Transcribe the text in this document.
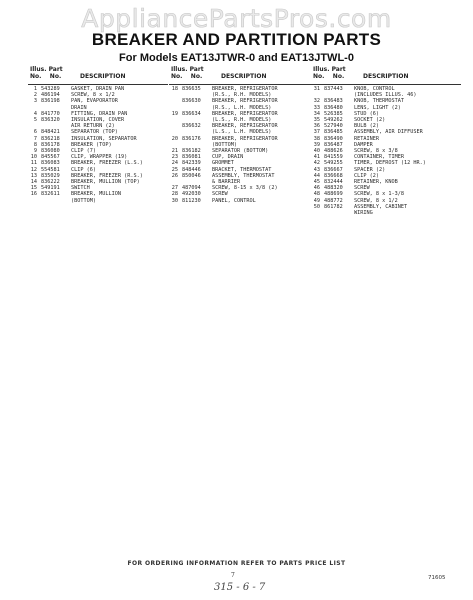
AppliancePartsPros.com
BREAKER AND PARTITION PARTS
For Models EAT13JTWR-0 and EAT13JTWL-0
Illus. Part
No. No.	DESCRIPTION
1 543289	GASKET, DRAIN PAN
2 486194	SCREW, 8 x 1/2
3 836198	PAN, EVAPORATOR
DRAIN
4 841770	FITTING, DRAIN PAN
5 836320	INSULATION, COVER
AIR RETURN (2)
6 848421	SEPARATOR (TOP)
7 836218	INSULATION, SEPARATOR
8 836178	BREAKER (TOP)
9 836080	CLIP (7)
10 845567	CLIP, WRAPPER (19)
11 836083	BREAKER, FREEZER (L.S.)
12 554581	CLIP (6)
13 835029	BREAKER, FREEZER (R.S.)
14 836222	BREAKER, MULLION (TOP)
15 549191	SWITCH
16 832611	BREAKER, MULLION
(BOTTOM)
Illus. Part
No. No.	DESCRIPTION
18 836635	BREAKER, REFRIGERATOR
(R.S., R.H. MODELS)
836630	BREAKER, REFRIGERATOR
(R.S., L.H. MODELS)
19 836634	BREAKER, REFRIGERATOR
(L.S., R.H. MODELS)
836632	BREAKER, REFRIGERATOR
(L.S., L.H. MODELS)
20 836176	BREAKER, REFRIGERATOR
(BOTTOM)
21 836182	SEPARATOR (BOTTOM)
23 836081	CUP, DRAIN
24 842339	GROMMET
25 848446	BRACKET, THERMOSTAT
26 850046	ASSEMBLY, THERMOSTAT
& BARRIER
27 487094	SCREW, 8-15 x 3/8 (2)
28 492030	SCREW
30 811230	PANEL, CONTROL
Illus. Part
No. No.	DESCRIPTION
31 837443	KNOB, CONTROL
(INCLUDES ILLUS. 46)
32 836483	KNOB, THERMOSTAT
33 836480	LENS, LIGHT (2)
34 526385	STUD (6)
35 549262	SOCKET (2)
36 527940	BULB (2)
37 836485	ASSEMBLY, AIR DIFFUSER
38 836490	RETAINER
39 836487	DAMPER
40 488626	SCREW, 8 x 3/8
41 841559	CONTAINER, TIMER
42 549255	TIMER, DEFROST (12 HR.)
43 836667	SPACER (2)
44 836668	CLIP (2)
45 832444	RETAINER, KNOB
46 488320	SCREW
48 488699	SCREW, 8 x 1-3/8
49 488772	SCREW, 8 x 1/2
50 861782	ASSEMBLY, CABINET
WIRING
FOR ORDERING INFORMATION REFER TO PARTS PRICE LIST
7	71605
315 - 6 - 7
